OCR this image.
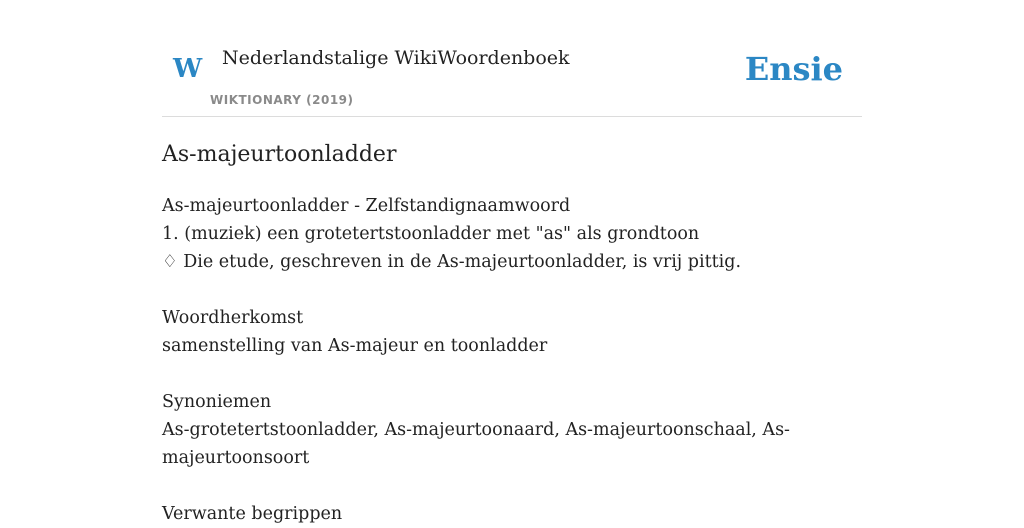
W Nederlandstalige WikiWoordenboek
WIKTIONARY (2019)
Ensie
As-majeurtoonladder
As-majeurtoonladder - Zelfstandignaamwoord
1. (muziek) een grotetertstoonladder met "as" als grondtoon
♢ Die etude, geschreven in de As-majeurtoonladder, is vrij pittig.
Woordherkomst
samenstelling van As-majeur en toonladder
Synoniemen
As-grotetertstoonladder, As-majeurtoonaard, As-majeurtoonschaal, As-majeurtoonsoort
Verwante begrippen
